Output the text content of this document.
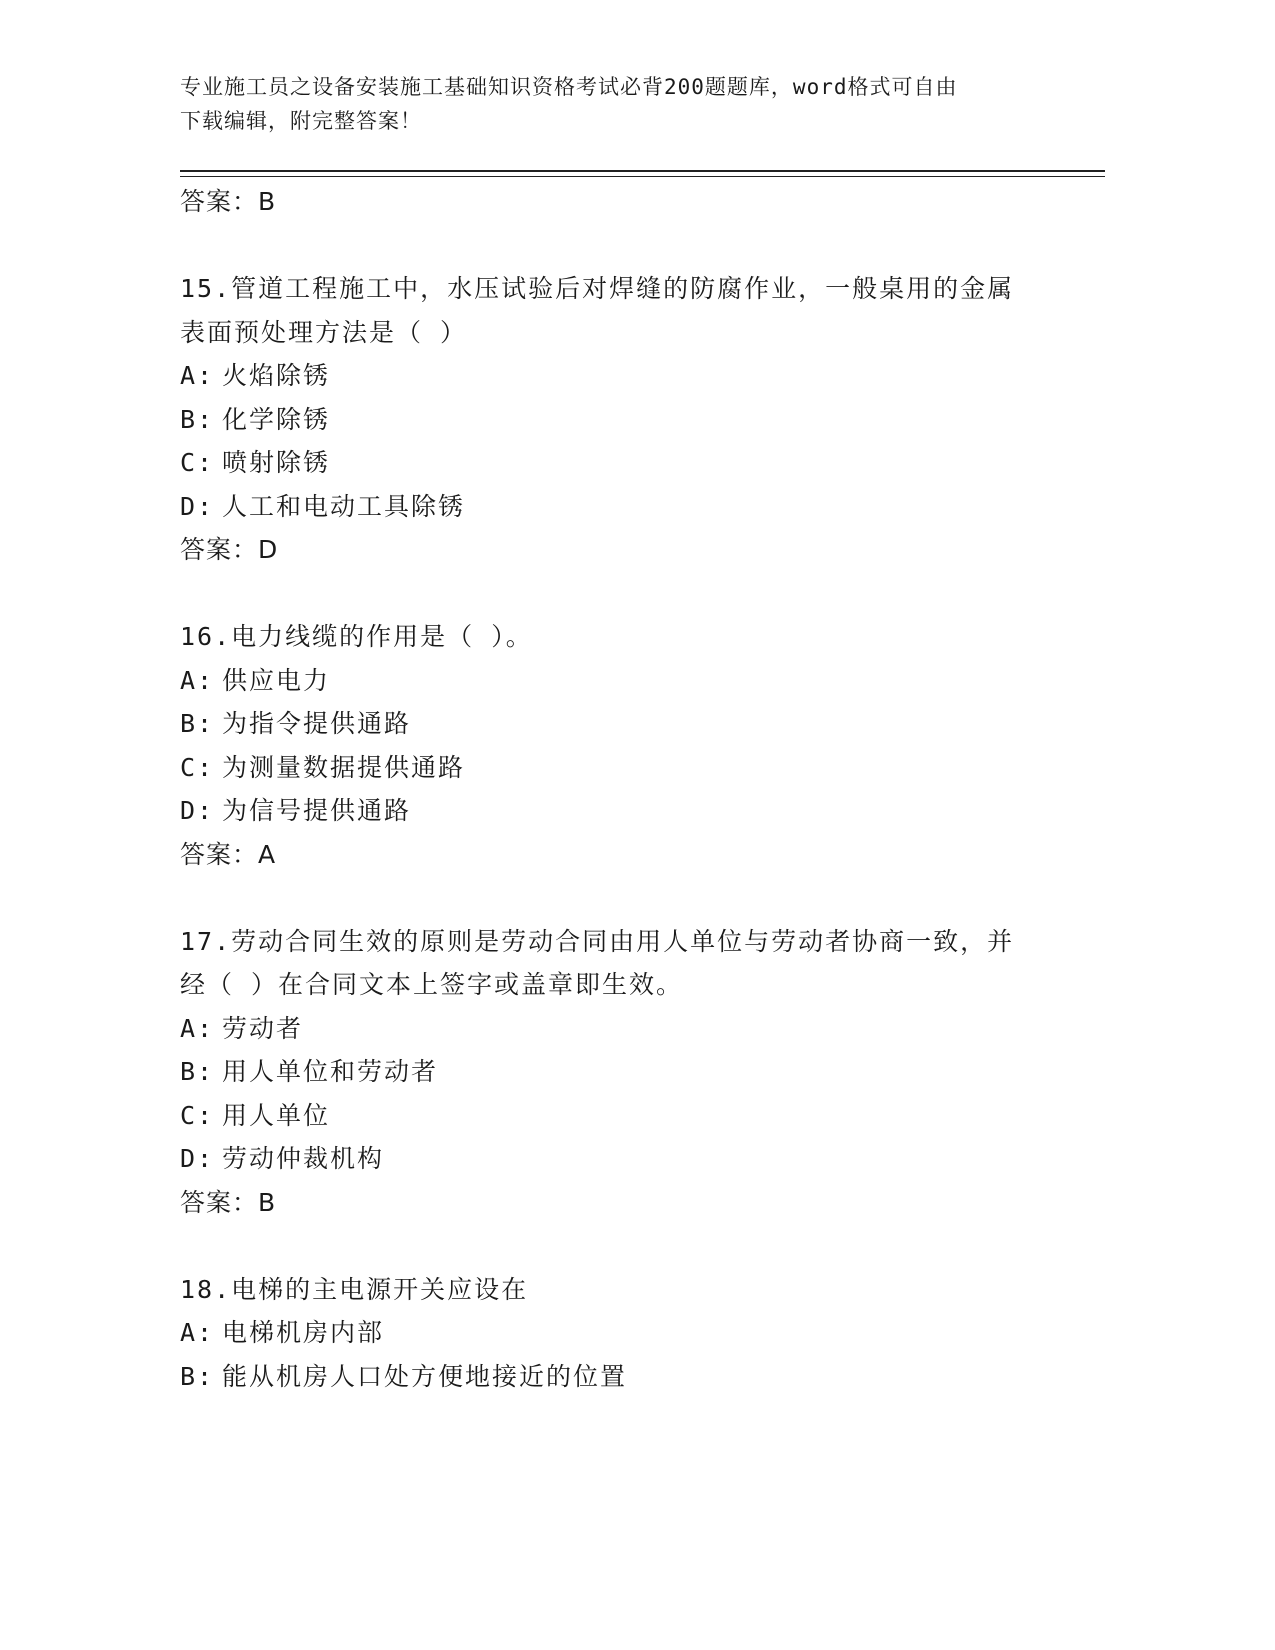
专业施工员之设备安装施工基础知识资格考试必背200题题库，word格式可自由
下载编辑，附完整答案！
答案：B
15.管道工程施工中，水压试验后对焊缝的防腐作业，一般桌用的金属
表面预处理方法是（ ）
A: 火焰除锈
B: 化学除锈
C: 喷射除锈
D: 人工和电动工具除锈
答案：D
16.电力线缆的作用是（ ）。
A: 供应电力
B: 为指令提供通路
C: 为测量数据提供通路
D: 为信号提供通路
答案：A
17.劳动合同生效的原则是劳动合同由用人单位与劳动者协商一致，并
经（ ）在合同文本上签字或盖章即生效。
A: 劳动者
B: 用人单位和劳动者
C: 用人单位
D: 劳动仲裁机构
答案：B
18.电梯的主电源开关应设在
A: 电梯机房内部
B: 能从机房人口处方便地接近的位置
